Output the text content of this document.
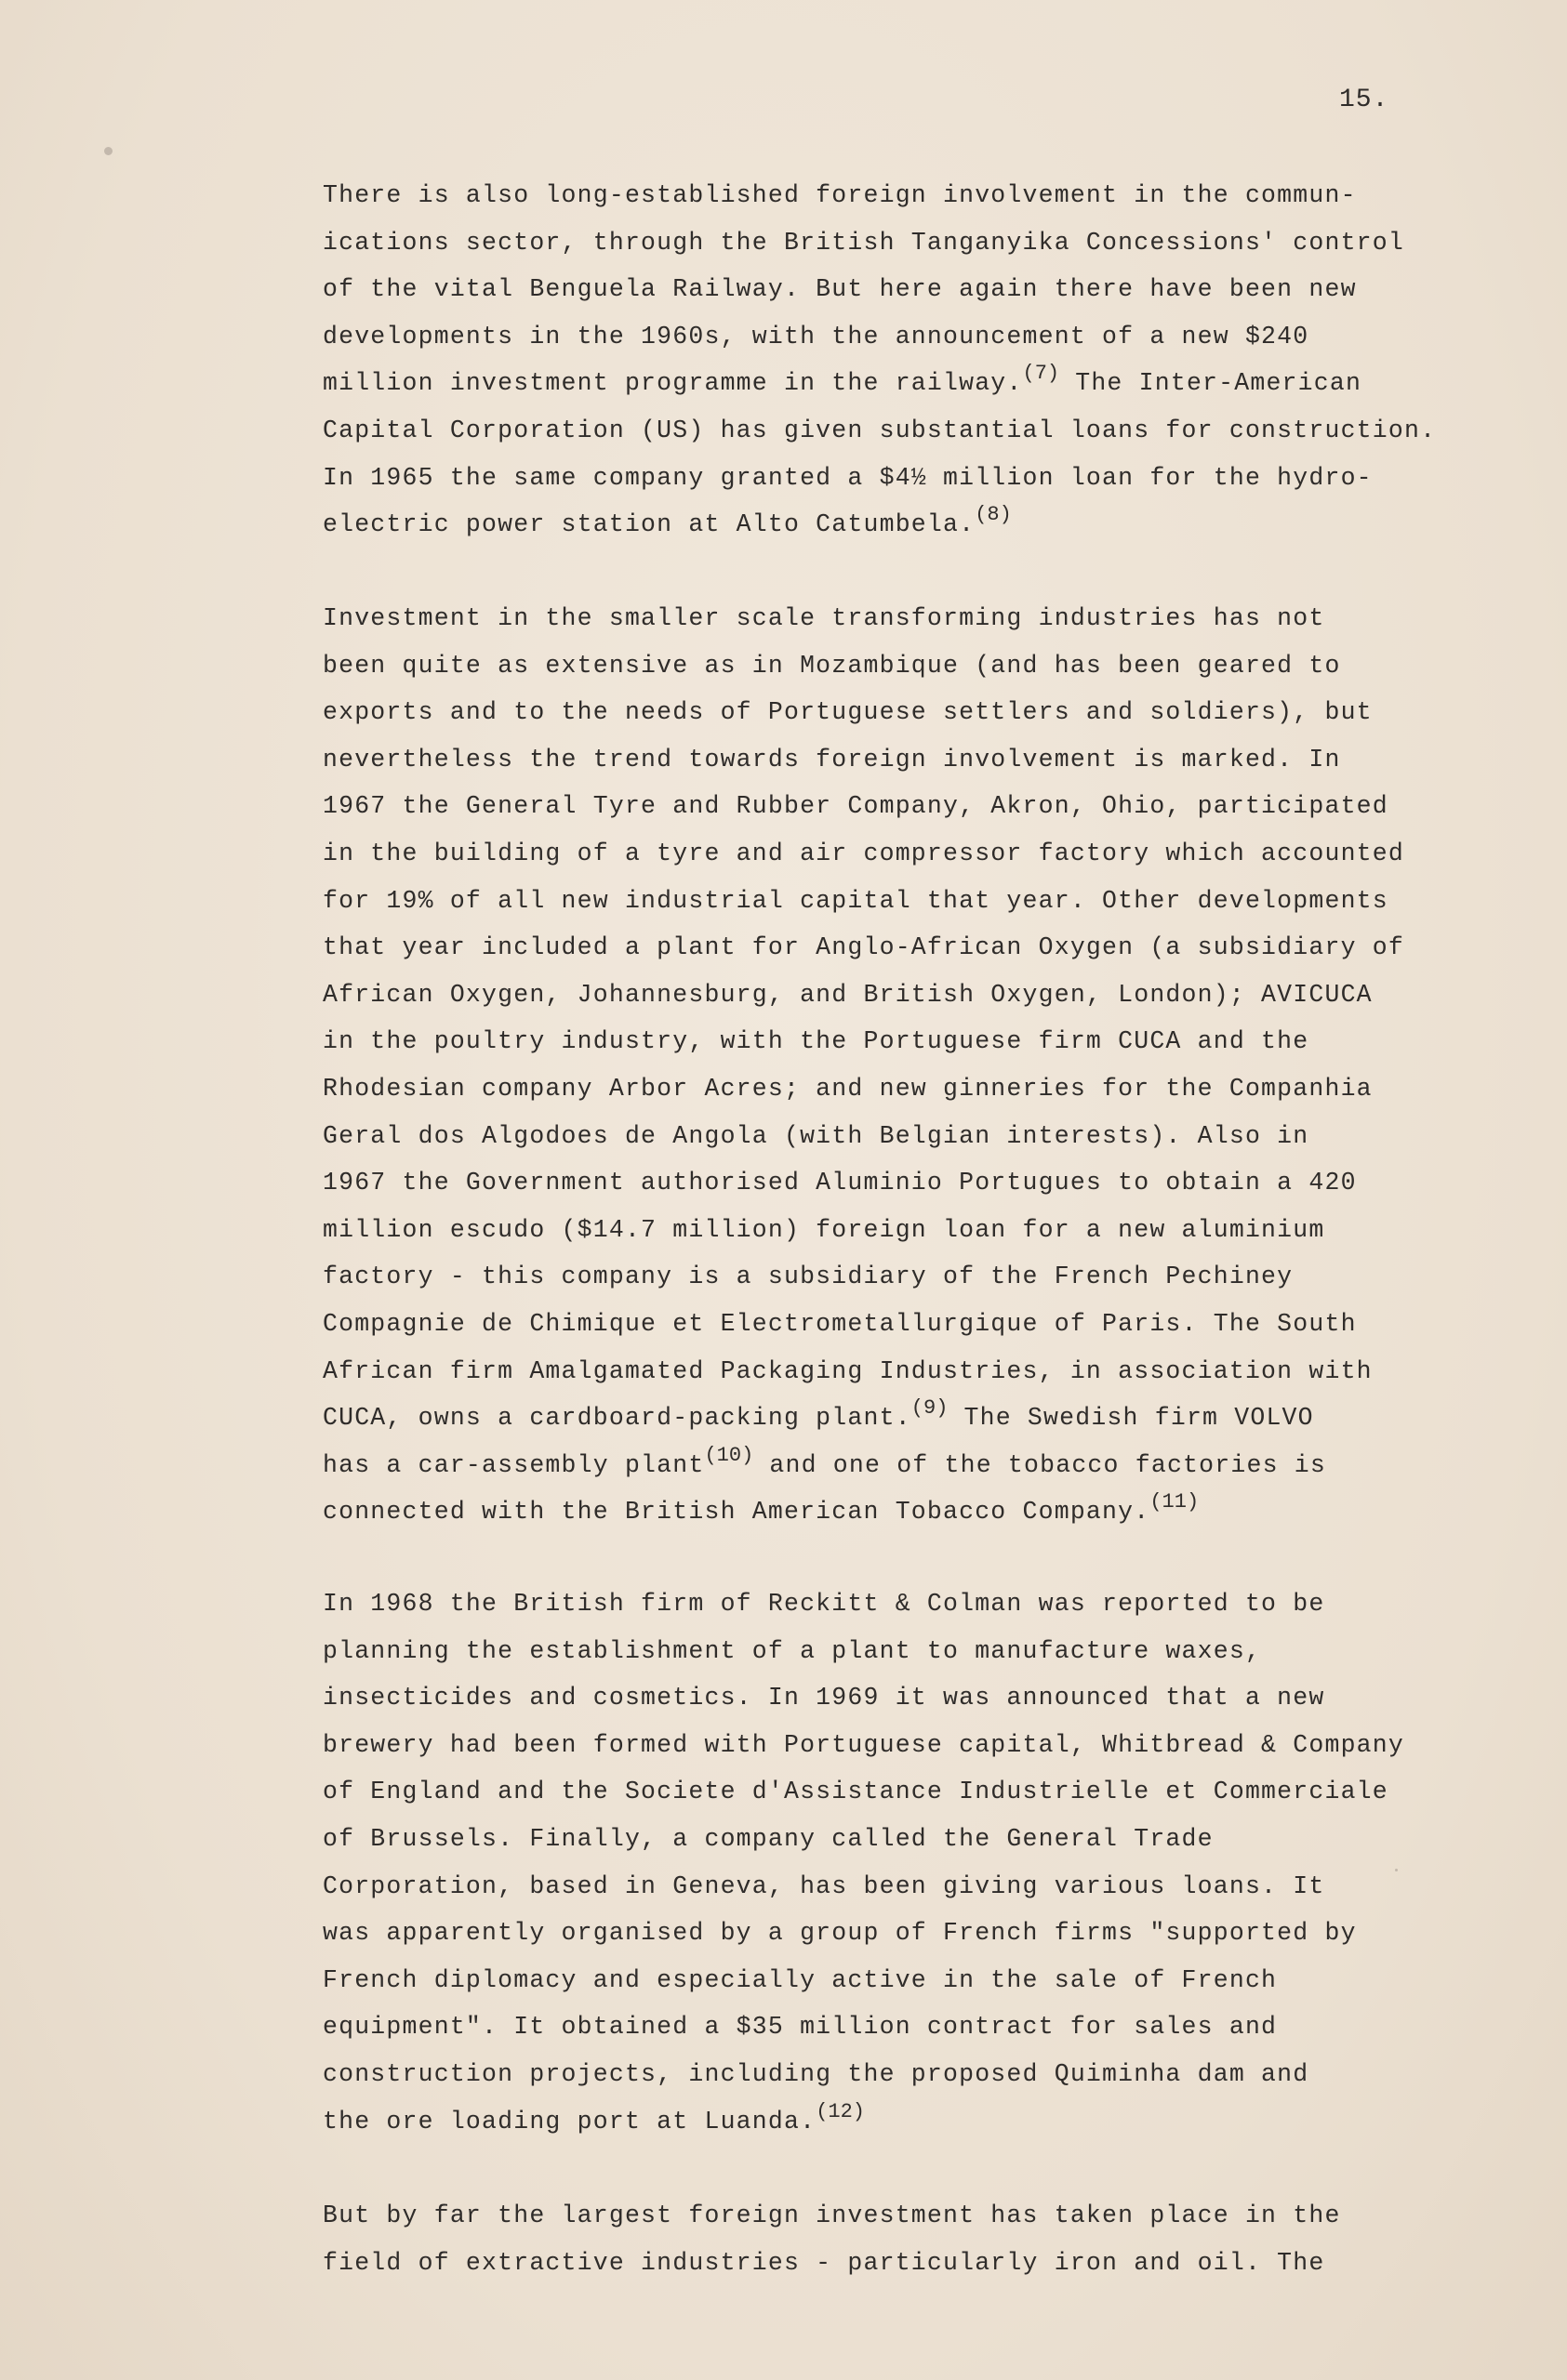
15.
There is also long-established foreign involvement in the commun-
ications sector, through the British Tanganyika Concessions' control
of the vital Benguela Railway. But here again there have been new
developments in the 1960s, with the announcement of a new $240
million investment programme in the railway.$^{(7)}$ The Inter-American
Capital Corporation (US) has given substantial loans for construction.
In 1965 the same company granted a $4½ million loan for the hydro-
electric power station at Alto Catumbela.$^{(8)}$
Investment in the smaller scale transforming industries has not
been quite as extensive as in Mozambique (and has been geared to
exports and to the needs of Portuguese settlers and soldiers), but
nevertheless the trend towards foreign involvement is marked. In
1967 the General Tyre and Rubber Company, Akron, Ohio, participated
in the building of a tyre and air compressor factory which accounted
for 19% of all new industrial capital that year. Other developments
that year included a plant for Anglo-African Oxygen (a subsidiary of
African Oxygen, Johannesburg, and British Oxygen, London); AVICUCA
in the poultry industry, with the Portuguese firm CUCA and the
Rhodesian company Arbor Acres; and new ginneries for the Companhia
Geral dos Algodoes de Angola (with Belgian interests). Also in
1967 the Government authorised Aluminio Portugues to obtain a 420
million escudo ($14.7 million) foreign loan for a new aluminium
factory - this company is a subsidiary of the French Pechiney
Compagnie de Chimique et Electrometallurgique of Paris. The South
African firm Amalgamated Packaging Industries, in association with
CUCA, owns a cardboard-packing plant.$^{(9)}$ The Swedish firm VOLVO
has a car-assembly plant$^{(10)}$ and one of the tobacco factories is
connected with the British American Tobacco Company.$^{(11)}$
In 1968 the British firm of Reckitt & Colman was reported to be
planning the establishment of a plant to manufacture waxes,
insecticides and cosmetics. In 1969 it was announced that a new
brewery had been formed with Portuguese capital, Whitbread & Company
of England and the Societe d'Assistance Industrielle et Commerciale
of Brussels. Finally, a company called the General Trade
Corporation, based in Geneva, has been giving various loans. It
was apparently organised by a group of French firms "supported by
French diplomacy and especially active in the sale of French
equipment". It obtained a $35 million contract for sales and
construction projects, including the proposed Quiminha dam and
the ore loading port at Luanda.$^{(12)}$
But by far the largest foreign investment has taken place in the
field of extractive industries - particularly iron and oil. The
